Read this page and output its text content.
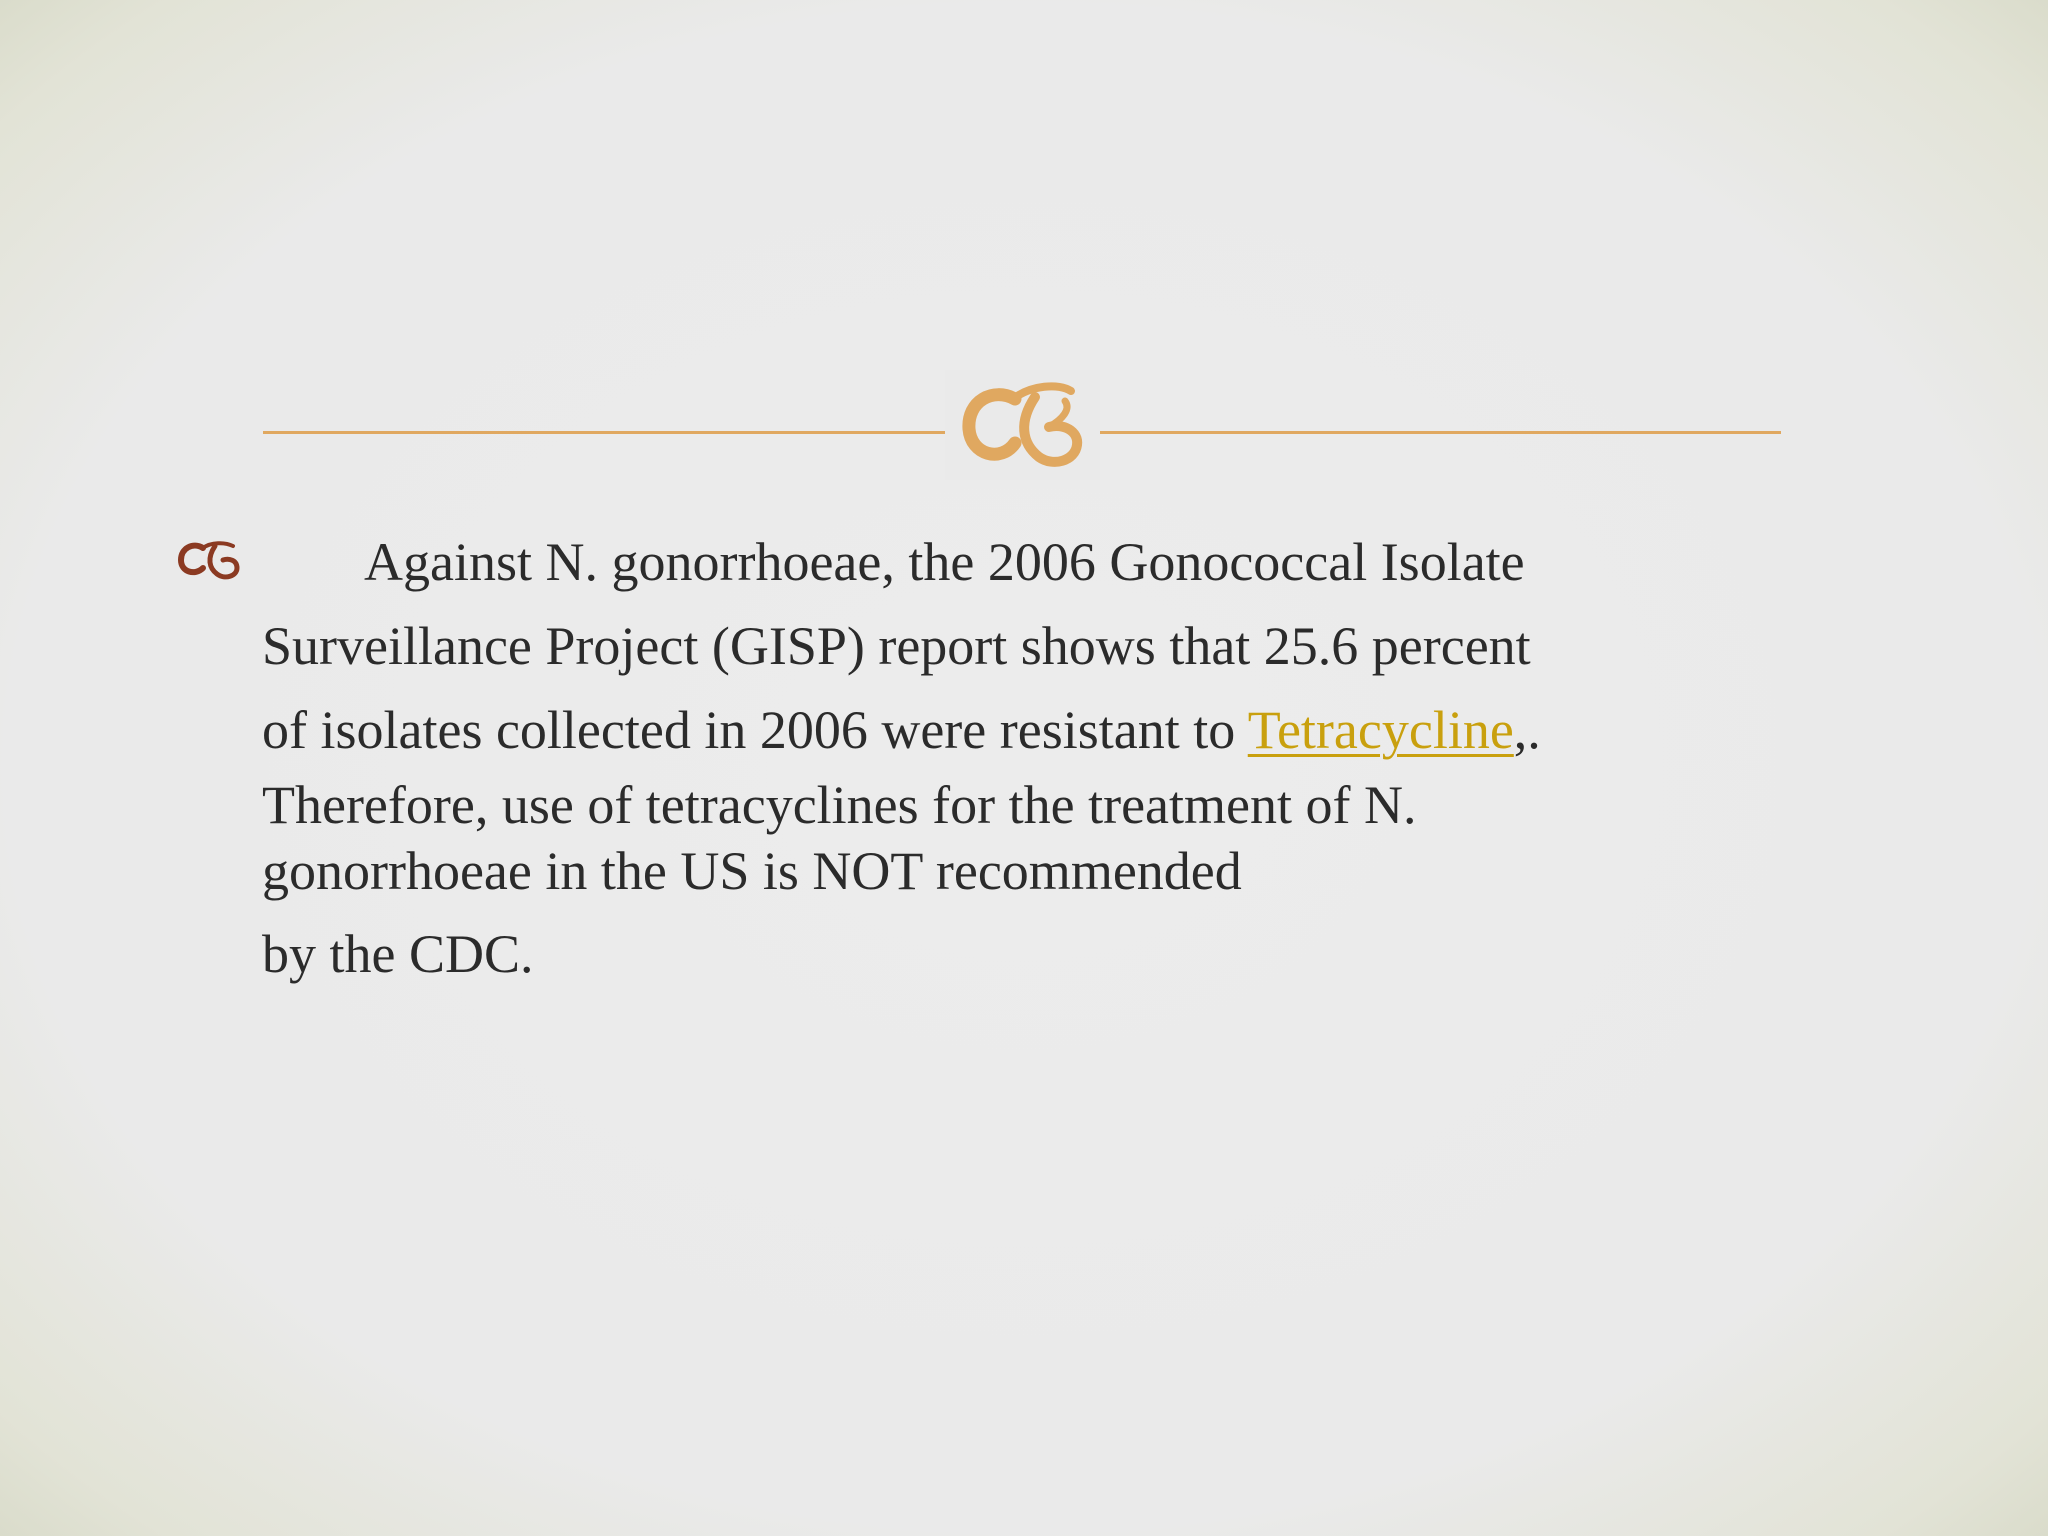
Against N. gonorrhoeae, the 2006 Gonococcal Isolate
Surveillance Project (GISP) report shows that 25.6 percent
of isolates collected in 2006 were resistant to Tetracycline,.
Therefore, use of tetracyclines for the treatment of N.
gonorrhoeae in the US is NOT recommended
by the CDC.
